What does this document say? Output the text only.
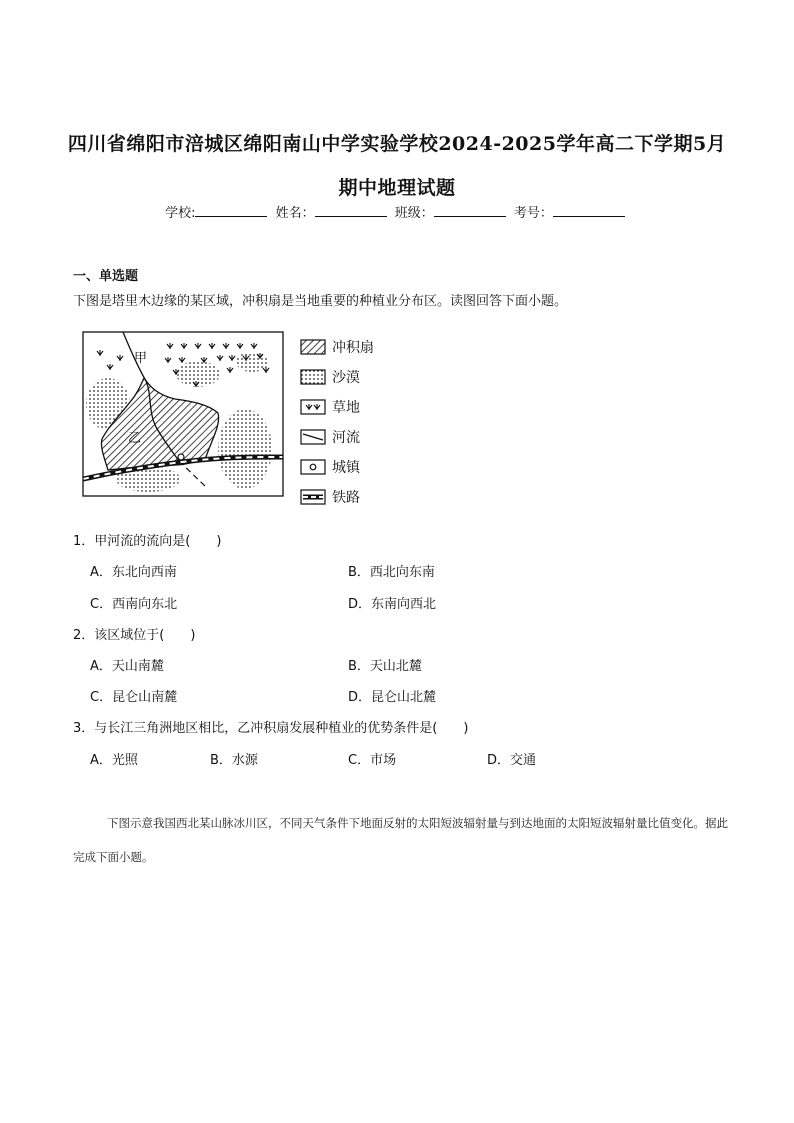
四川省绵阳市涪城区绵阳南山中学实验学校2024-2025学年高二下学期5月期中地理试题
学校:	姓名：	班级：	考号：
一、单选题
下图是塔里木边缘的某区域，冲积扇是当地重要的种植业分布区。读图回答下面小题。
甲
乙
冲积扇
沙漠
草地
河流
城镇
铁路
1．甲河流的流向是(　　)
A．东北向西南	B．西北向东南
C．西南向东北	D．东南向西北
2．该区域位于(　　)
A．天山南麓	B．天山北麓
C．昆仑山南麓	D．昆仑山北麓
3．与长江三角洲地区相比，乙冲积扇发展种植业的优势条件是(　　)
A．光照	B．水源	C．市场	D．交通
下图示意我国西北某山脉冰川区，不同天气条件下地面反射的太阳短波辐射量与到达地面的太阳短波辐射量比值变化。据此完成下面小题。
